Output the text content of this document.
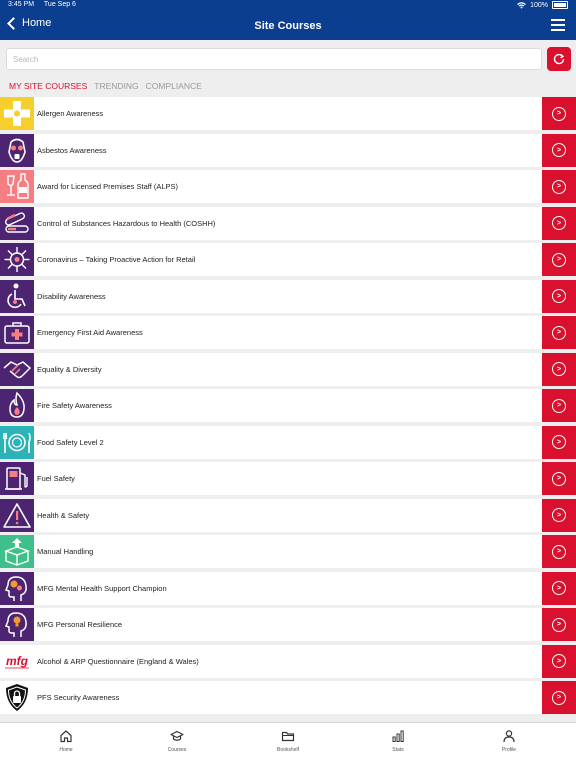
3:45 PM Tue Sep 6	100%
Home	Site Courses
Search
MY SITE COURSES TRENDING COMPLIANCE
Allergen Awareness	>
Asbestos Awareness	>
Award for Licensed Premises Staff (ALPS)	>
Control of Substances Hazardous to Health (COSHH)	>
Coronavirus – Taking Proactive Action for Retail	>
Disability Awareness	>
Emergency First Aid Awareness	>
Equality & Diversity	>
Fire Safety Awareness	>
Food Safety Level 2	>
Fuel Safety	>
Health & Safety	>
Manual Handling	>
MFG Mental Health Support Champion	>
MFG Personal Resilience	>
mfg Alcohol & ARP Questionnaire (England & Wales)	>
PFS Security Awareness	>
Home	Courses	Bookshelf	Stats	Profile
